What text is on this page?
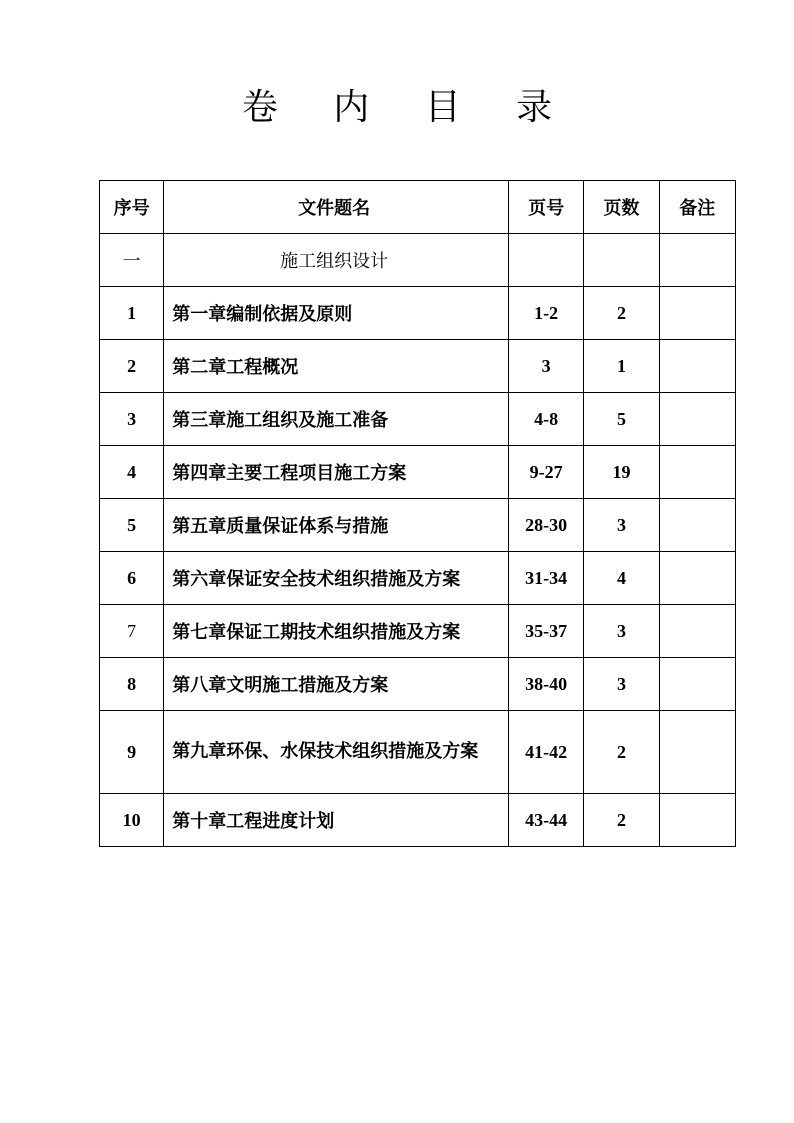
卷 内 目 录
序号	文件题名	页号	页数	备注
一	施工组织设计			
1	第一章编制依据及原则	1-2	2	
2	第二章工程概况	3	1	
3	第三章施工组织及施工准备	4-8	5	
4	第四章主要工程项目施工方案	9-27	19	
5	第五章质量保证体系与措施	28-30	3	
6	第六章保证安全技术组织措施及方案	31-34	4	
7	第七章保证工期技术组织措施及方案	35-37	3	
8	第八章文明施工措施及方案	38-40	3	
9	第九章环保、水保技术组织措施及方案	41-42	2	
10	第十章工程进度计划	43-44	2	
